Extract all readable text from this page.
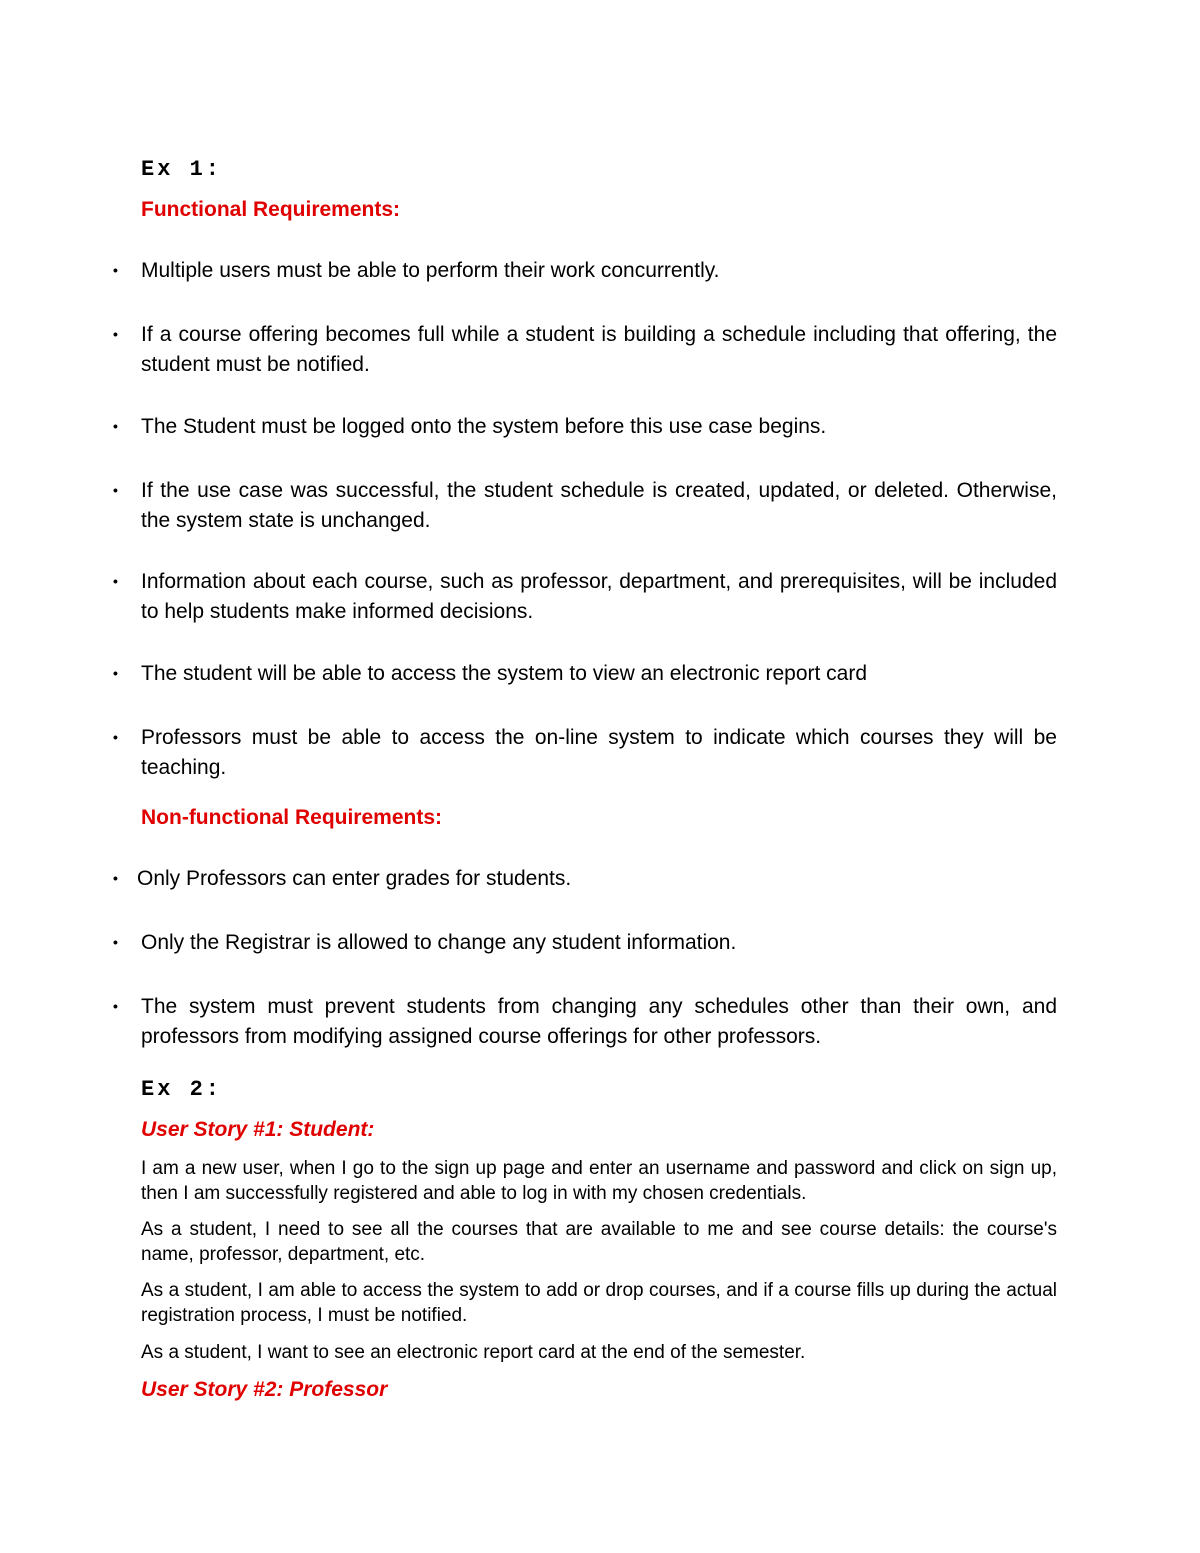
Ex 1:
Functional Requirements:
• Multiple users must be able to perform their work concurrently.

• If a course offering becomes full while a student is building a schedule including that offering, the student must be notified.

• The Student must be logged onto the system before this use case begins.

• If the use case was successful, the student schedule is created, updated, or deleted. Otherwise, the system state is unchanged.

• Information about each course, such as professor, department, and prerequisites, will be included to help students make informed decisions.

• The student will be able to access the system to view an electronic report card

• Professors must be able to access the on-line system to indicate which courses they will be teaching.

Non-functional Requirements:
• Only Professors can enter grades for students.

• Only the Registrar is allowed to change any student information.

• The system must prevent students from changing any schedules other than their own, and professors from modifying assigned course offerings for other professors.

Ex 2:
User Story #1: Student:

I am a new user, when I go to the sign up page and enter an username and password and click on sign up, then I am successfully registered and able to log in with my chosen credentials.

As a student, I need to see all the courses that are available to me and see course details: the course's name, professor, department, etc.

As a student, I am able to access the system to add or drop courses, and if a course fills up during the actual registration process, I must be notified.

As a student, I want to see an electronic report card at the end of the semester.

User Story #2: Professor
